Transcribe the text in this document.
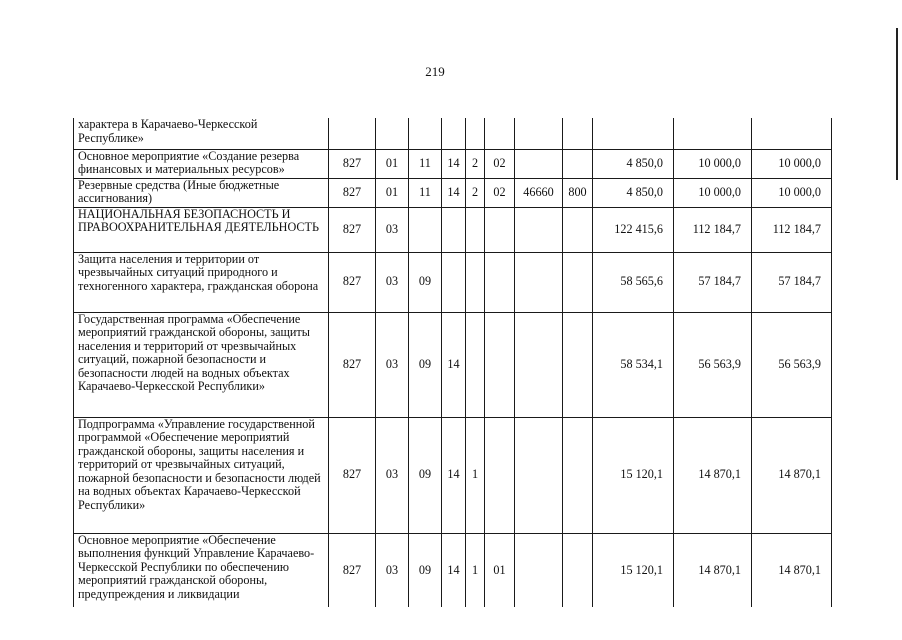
219
характера в Карачаево-Черкесской Республике»											
Основное мероприятие «Создание резерва финансовых и материальных ресурсов»	827	01	11	14	2	02			4 850,0	10 000,0	10 000,0
Резервные средства (Иные бюджетные ассигнования)	827	01	11	14	2	02	46660	800	4 850,0	10 000,0	10 000,0
НАЦИОНАЛЬНАЯ БЕЗОПАСНОСТЬ И ПРАВООХРАНИТЕЛЬНАЯ ДЕЯТЕЛЬНОСТЬ	827	03							122 415,6	112 184,7	112 184,7
Защита населения и территории от чрезвычайных ситуаций природного и техногенного характера, гражданская оборона	827	03	09						58 565,6	57 184,7	57 184,7
Государственная программа «Обеспечение мероприятий гражданской обороны, защиты населения и территорий от чрезвычайных ситуаций, пожарной безопасности и безопасности людей на водных объектах Карачаево-Черкесской Республики»	827	03	09	14					58 534,1	56 563,9	56 563,9
Подпрограмма «Управление государственной программой «Обеспечение мероприятий гражданской обороны, защиты населения и территорий от чрезвычайных ситуаций, пожарной безопасности и безопасности людей на водных объектах Карачаево-Черкесской Республики»	827	03	09	14	1				15 120,1	14 870,1	14 870,1
Основное мероприятие «Обеспечение выполнения функций Управление Карачаево-Черкесской Республики по обеспечению мероприятий гражданской обороны, предупреждения и ликвидации	827	03	09	14	1	01			15 120,1	14 870,1	14 870,1
